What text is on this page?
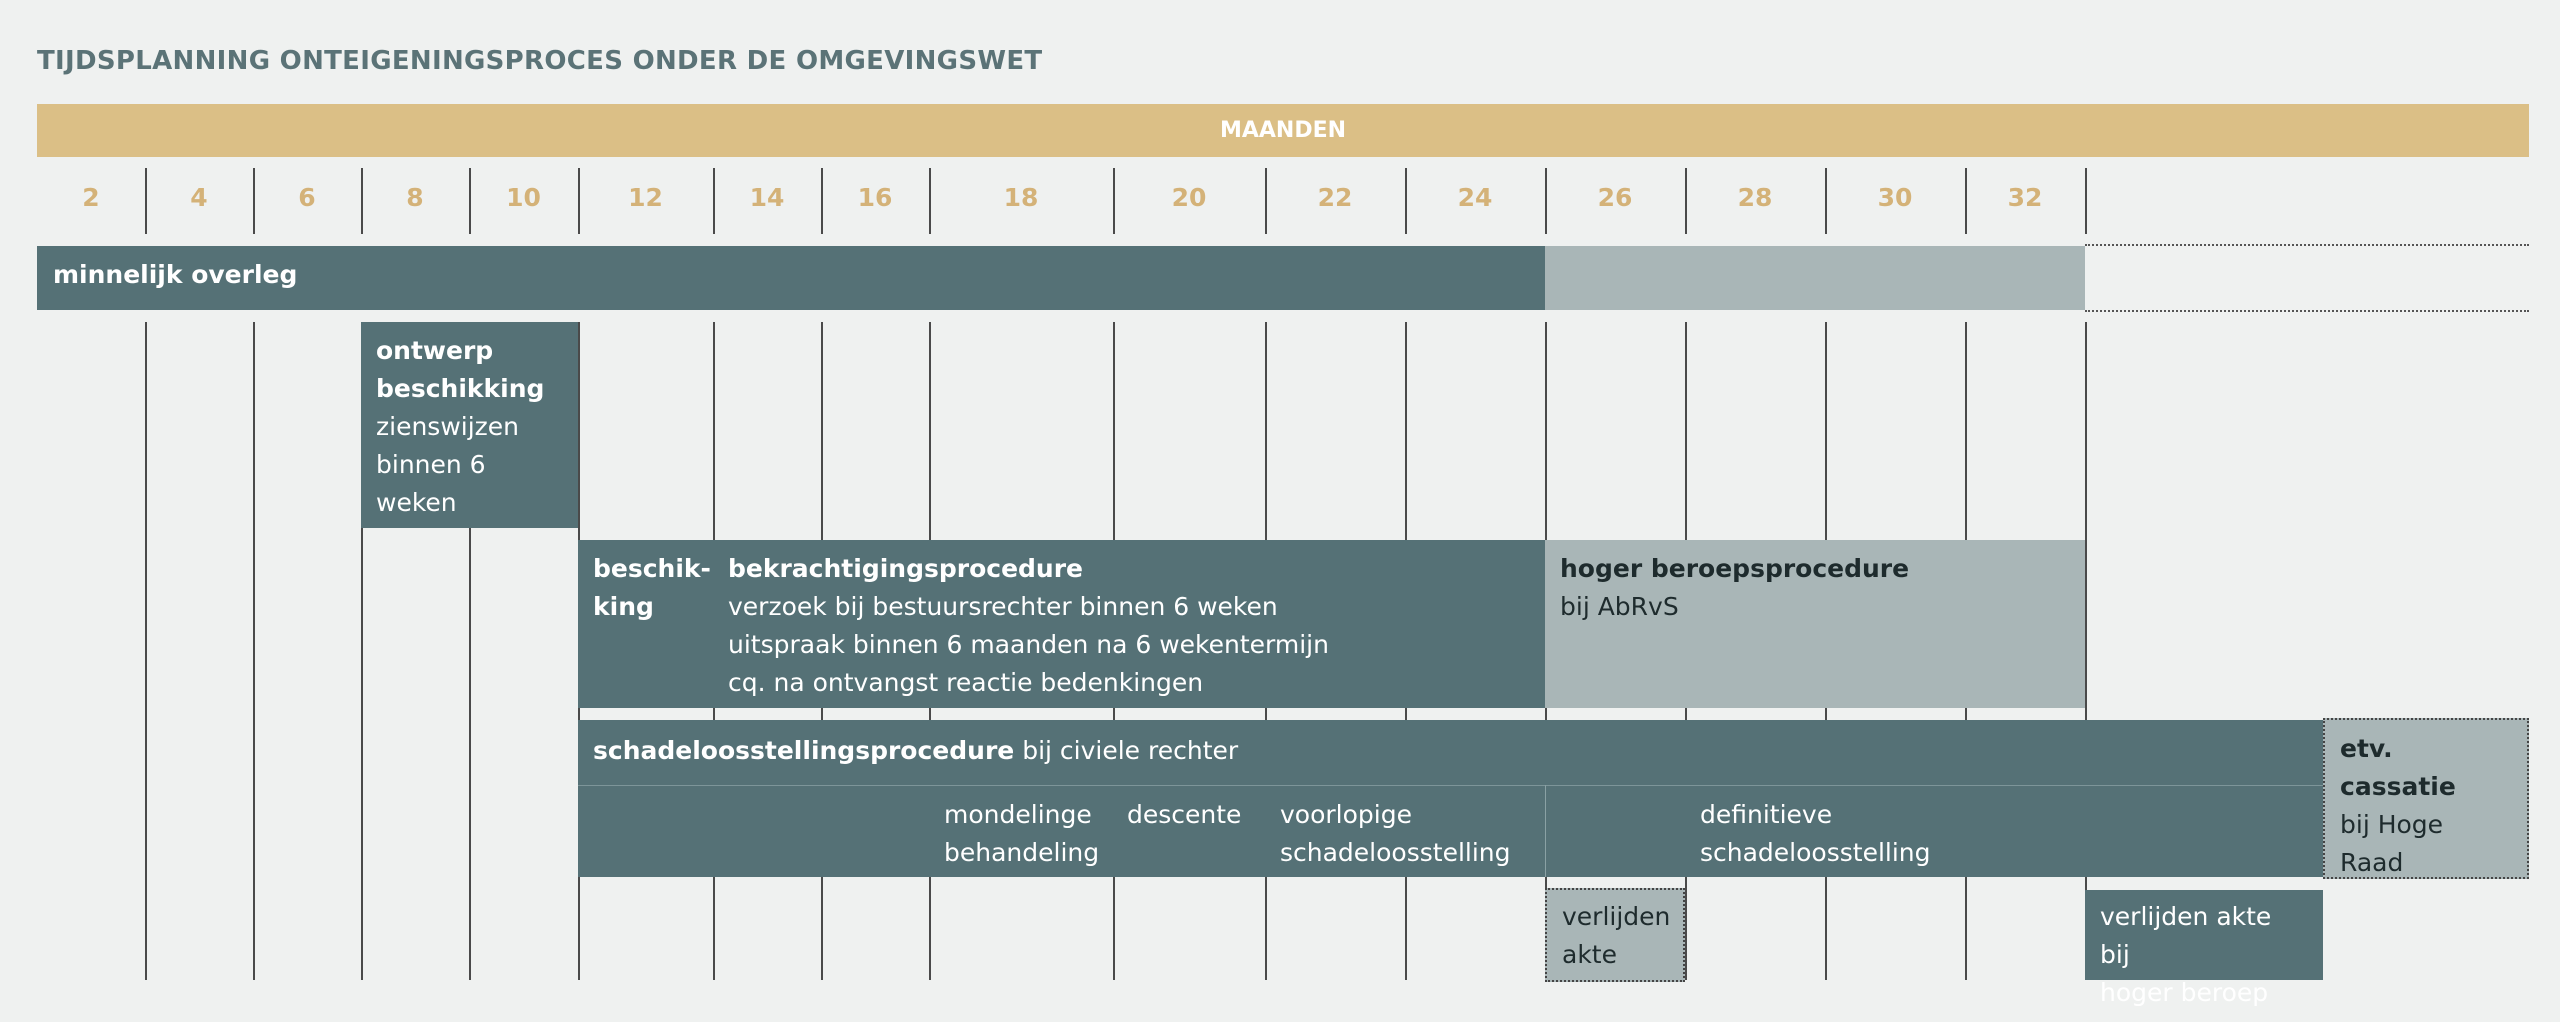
TIJDSPLANNING ONTEIGENINGSPROCES ONDER DE OMGEVINGSWET
MAANDEN
2	4	6	8	10	12	14	16	18	20	22	24	26	28	30	32
minnelijk overleg
ontwerp
beschikking
zienswijzen
binnen 6
weken
beschik-
king
bekrachtigingsprocedure
verzoek bij bestuursrechter binnen 6 weken
uitspraak binnen 6 maanden na 6 wekentermijn
cq. na ontvangst reactie bedenkingen
hoger beroepsprocedure
bij AbRvS
schadeloosstellingsprocedure bij civiele rechter
mondelinge
behandeling
descente voorlopige
schadeloosstelling
definitieve
schadeloosstelling
etv. cassatie
bij Hoge Raad
verlijden
akte
verlijden akte bij
hoger beroep
